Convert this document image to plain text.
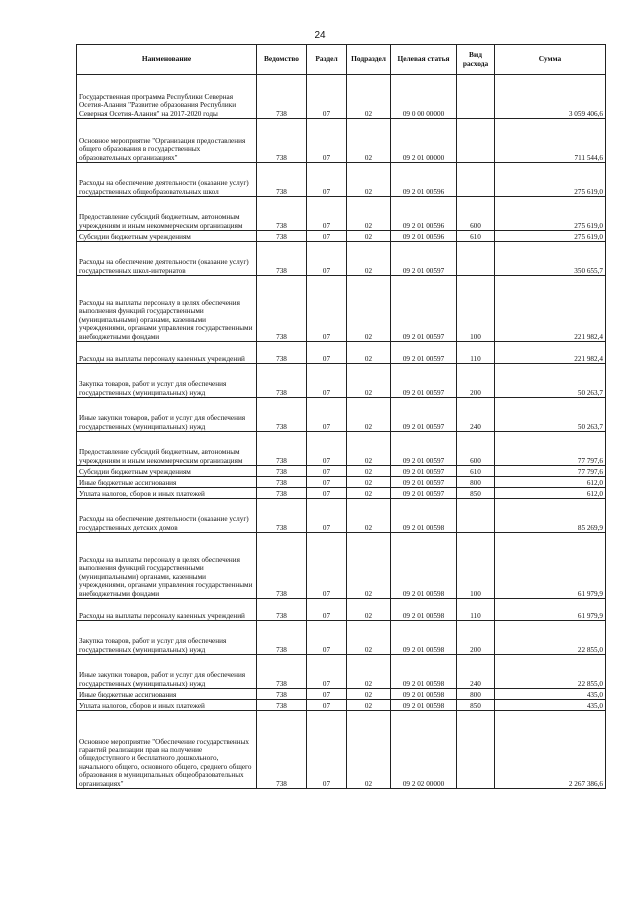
24
Наименование	Ведомство	Раздел	Подраздел	Целевая статья	Вид расхода	Сумма
Государственная программа Республики Северная Осетия-Алания "Развитие образования Республики Северная Осетия-Алания" на 2017-2020 годы	738	07	02	09 0 00 00000		3 059 406,6
Основное мероприятие "Организация предоставления общего образования в государственных образовательных организациях"	738	07	02	09 2 01 00000		711 544,6
Расходы на обеспечение деятельности (оказание услуг) государственных общеобразовательных школ	738	07	02	09 2 01 00596		275 619,0
Предоставление субсидий бюджетным, автономным учреждениям и иным некоммерческим организациям	738	07	02	09 2 01 00596	600	275 619,0
Субсидии бюджетным учреждениям	738	07	02	09 2 01 00596	610	275 619,0
Расходы на обеспечение деятельности (оказание услуг) государственных школ-интернатов	738	07	02	09 2 01 00597		350 655,7
Расходы на выплаты персоналу в целях обеспечения выполнения функций государственными (муниципальными) органами, казенными учреждениями, органами управления государственными внебюджетными фондами	738	07	02	09 2 01 00597	100	221 982,4
Расходы на выплаты персоналу казенных учреждений	738	07	02	09 2 01 00597	110	221 982,4
Закупка товаров, работ и услуг для обеспечения государственных (муниципальных) нужд	738	07	02	09 2 01 00597	200	50 263,7
Иные закупки товаров, работ и услуг для обеспечения государственных (муниципальных) нужд	738	07	02	09 2 01 00597	240	50 263,7
Предоставление субсидий бюджетным, автономным учреждениям и иным некоммерческим организациям	738	07	02	09 2 01 00597	600	77 797,6
Субсидии бюджетным учреждениям	738	07	02	09 2 01 00597	610	77 797,6
Иные бюджетные ассигнования	738	07	02	09 2 01 00597	800	612,0
Уплата налогов, сборов и иных платежей	738	07	02	09 2 01 00597	850	612,0
Расходы на обеспечение деятельности (оказание услуг) государственных детских домов	738	07	02	09 2 01 00598		85 269,9
Расходы на выплаты персоналу в целях обеспечения выполнения функций государственными (муниципальными) органами, казенными учреждениями, органами управления государственными внебюджетными фондами	738	07	02	09 2 01 00598	100	61 979,9
Расходы на выплаты персоналу казенных учреждений	738	07	02	09 2 01 00598	110	61 979,9
Закупка товаров, работ и услуг для обеспечения государственных (муниципальных) нужд	738	07	02	09 2 01 00598	200	22 855,0
Иные закупки товаров, работ и услуг для обеспечения государственных (муниципальных) нужд	738	07	02	09 2 01 00598	240	22 855,0
Иные бюджетные ассигнования	738	07	02	09 2 01 00598	800	435,0
Уплата налогов, сборов и иных платежей	738	07	02	09 2 01 00598	850	435,0
Основное мероприятие "Обеспечение государственных гарантий реализации прав на получение общедоступного и бесплатного дошкольного, начального общего, основного общего, среднего общего образования в муниципальных общеобразовательных организациях"	738	07	02	09 2 02 00000		2 267 386,6
